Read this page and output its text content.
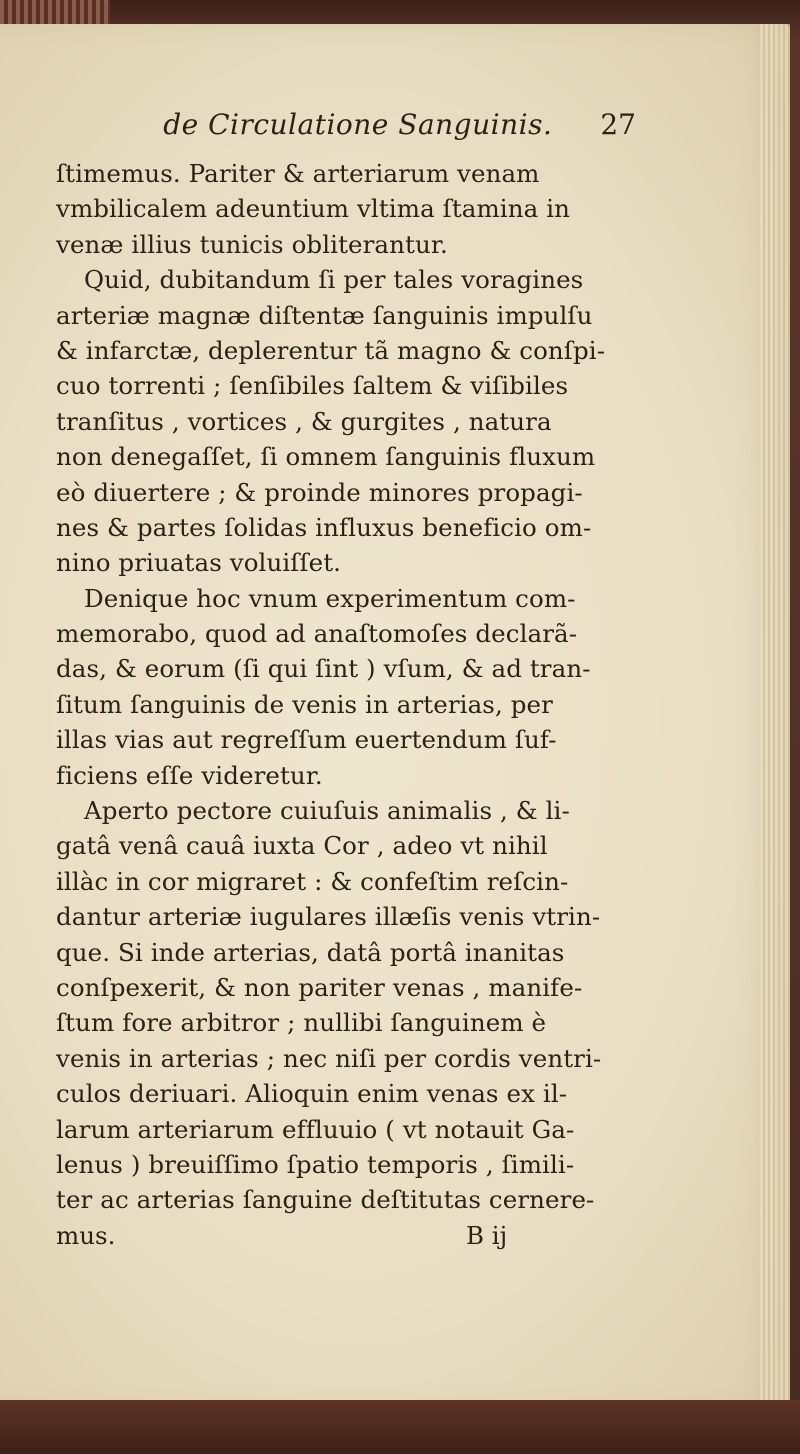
de Circulatione Sanguinis. 27
ſtimemus. Pariter & arteriarum venam
vmbilicalem adeuntium vltima ſtamina in
venæ illius tunicis obliterantur.
Quid, dubitandum ſi per tales voragines
arteriæ magnæ diſtentæ ſanguinis impulſu
& infarctæ, deplerentur tã magno & conſpi-
cuo torrenti ; ſenſibiles ſaltem & viſibiles
tranſitus , vortices , & gurgites , natura
non denegaſſet, ſi omnem ſanguinis fluxum
eò diuertere ; & proinde minores propagi-
nes & partes ſolidas influxus beneficio om-
nino priuatas voluiſſet.
Denique hoc vnum experimentum com-
memorabo, quod ad anaſtomoſes declarã-
das, & eorum (ſi qui ſint ) vſum, & ad tran-
ſitum ſanguinis de venis in arterias, per
illas vias aut regreſſum euertendum ſuf-
ficiens eſſe videretur.
Aperto pectore cuiuſuis animalis , & li-
gatâ venâ cauâ iuxta Cor , adeo vt nihil
illàc in cor migraret : & confeſtim reſcin-
dantur arteriæ iugulares illæſis venis vtrin-
que. Si inde arterias, datâ portâ inanitas
conſpexerit, & non pariter venas , manife-
ſtum fore arbitror ; nullibi ſanguinem è
venis in arterias ; nec niſi per cordis ventri-
culos deriuari. Alioquin enim venas ex il-
larum arteriarum effluuio ( vt notauit Ga-
lenus ) breuiſſimo ſpatio temporis , ſimili-
ter ac arterias ſanguine deſtitutas cernere-
mus.	B ij
